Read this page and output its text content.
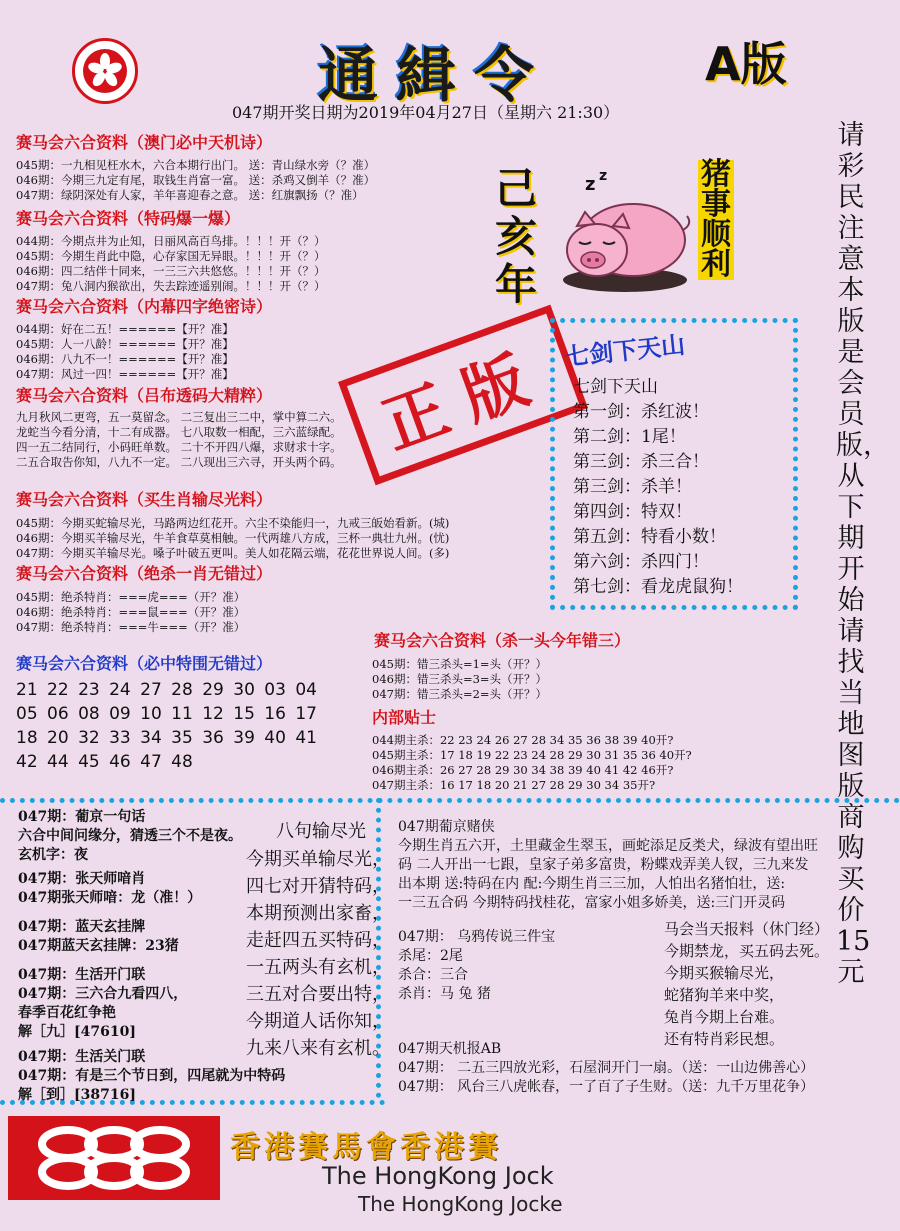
通緝令	A版
047期开奖日期为2019年04月27日（星期六 21:30）
请彩民注意本版是会员版，从下期开始请找当地图版商购买价15元
己亥年
猪事顺利
z z
正版
赛马会六合资料（澳门必中天机诗）
045期：一九相见枉水木，六合本期行出门。 送：青山绿水旁（？准）
046期：今期三九定有尾，取钱生肖富一富。 送：杀鸡又倒羊（？准）
047期：绿阴深处有人家，羊年喜迎春之意。 送：红旗飘扬（？准）
赛马会六合资料（特码爆一爆）
044期：今期点井为止知，日丽风高百鸟排。！！！开（？）
045期：今期生肖此中隐，心存家国无异眼。！！！开（？）
046期：四二结伴十同来，一三三六共悠悠。！！！开（？）
047期：兔八洞内猴欲出，失去踪迹遥别闹。！！！开（？）
赛马会六合资料（内幕四字绝密诗）
044期：好在二五！======【开？准】
045期：人一八龄！======【开？准】
046期：八九不一！======【开？准】
047期：风过一四！======【开？准】
赛马会六合资料（吕布透码大精粹）
九月秋风二更弯，五一莫留念。 二三复出三二中，掌中算二六。
龙蛇当今看分清，十二有成器。 七八取数一相配，三六蓝绿配。
四一五二结同行，小码旺单数。 二十不开四八爆，求财求十字。
二五合取告你知，八九不一定。 二八现出三六寻，开头两个码。
赛马会六合资料（买生肖输尽光料）
045期：今期买蛇输尽光，马路两边红花开。六尘不染能归一，九戒三皈始看新。(城)
046期：今期买羊输尽光，牛羊食草莫相触。一代两雄八方成，三杯一典壮九州。(忧)
047期：今期买羊输尽光。嗓子叶破五更叫。美人如花隔云端，花花世界说人间。(多)
赛马会六合资料（绝杀一肖无错过）
045期：绝杀特肖：===虎===（开？准）
046期：绝杀特肖：===鼠===（开？准）
047期：绝杀特肖：===牛===（开？准）
赛马会六合资料（必中特围无错过）
21 22 23 24 27 28 29 30 03 04
05 06 08 09 10 11 12 15 16 17
18 20 32 33 34 35 36 39 40 41
42 44 45 46 47 48
七剑下天山
七剑下天山
第一剑：杀红波！
第二剑：1尾！
第三剑：杀三合！
第三剑：杀羊！
第四剑：特双！
第五剑：特看小数！
第六剑：杀四门！
第七剑：看龙虎鼠狗！
赛马会六合资料（杀一头今年错三）
045期：错三杀头=1=头（开？）
046期：错三杀头=3=头（开？）
047期：错三杀头=2=头（开？）
内部贴士
044期主杀：22 23 24 26 27 28 34 35 36 38 39 40开?
045期主杀：17 18 19 22 23 24 28 29 30 31 35 36 40开?
046期主杀：26 27 28 29 30 34 38 39 40 41 42 46开?
047期主杀：16 17 18 20 21 27 28 29 30 34 35开?
047期：葡京一句话
六合中间问缘分，猜透三个不是夜。
玄机字：夜
八句输尽光
047期：张天师喑肖
047期张天师喑：龙（准！）
047期：蓝天玄挂牌
047期蓝天玄挂牌：23猪
047期：生活开门联
047期：三六合九看四八，
春季百花红争艳
解［九］[47610]
047期：生活关门联
047期：有是三个节日到，四尾就为中特码
解［到］[38716]
今期买单输尽光，
四七对开猜特码，
本期预测出家畜，
走赶四五买特码，
一五两头有玄机，
三五对合要出特，
今期道人话你知，
九来八来有玄机。
047期葡京赌侠
今期生肖五六开，土里藏金生翠玉，画蛇添足反类犬，绿波有望出旺
码 二人开出一七跟，皇家子弟多富贵，粉蝶戏弄美人钗，三九来发
出本期 送:特码在内 配:今期生肖三三加，人怕出名猪怕壮，送:
一三五合码 今期特码找桂花，富家小姐多娇美，送:三门开灵码
047期： 乌鸦传说三件宝
杀尾：2尾
杀合：三合
杀肖：马 兔 猪
马会当天报料（休门经）
今期禁龙，买五码去死。
今期买猴输尽光，
蛇猪狗羊来中奖，
兔肖今期上台难。
还有特肖彩民想。
047期天机报AB
047期： 二五三四放光彩，石屋洞开门一扇。（送：一山边佛善心）
047期： 风台三八虎帐春，一了百了子生财。（送：九千万里花争）
香港賽馬會香港賽
The HongKong Jock
The HongKong Jocke
